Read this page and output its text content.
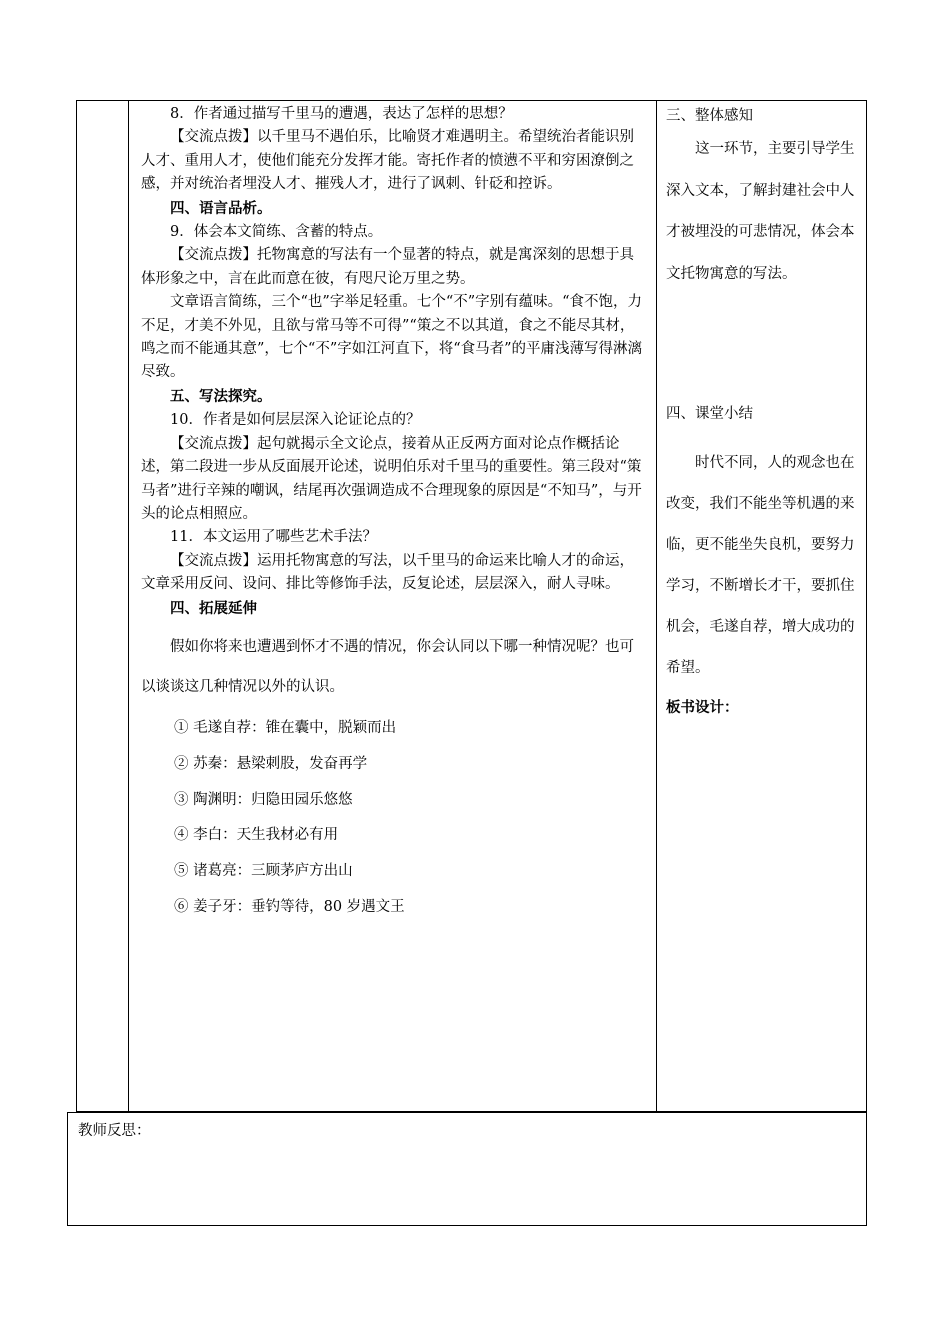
8．作者通过描写千里马的遭遇，表达了怎样的思想？

【交流点拨】以千里马不遇伯乐，比喻贤才难遇明主。希望统治者能识别人才、重用人才，使他们能充分发挥才能。寄托作者的愤懑不平和穷困潦倒之感，并对统治者埋没人才、摧残人才，进行了讽刺、针砭和控诉。

四、语言品析。

9．体会本文简练、含蓄的特点。

【交流点拨】托物寓意的写法有一个显著的特点，就是寓深刻的思想于具体形象之中，言在此而意在彼，有咫尺论万里之势。

文章语言简练，三个“也”字举足轻重。七个“不”字别有蕴味。“食不饱，力不足，才美不外见，且欲与常马等不可得”“策之不以其道，食之不能尽其材，鸣之而不能通其意”，七个“不”字如江河直下，将“食马者”的平庸浅薄写得淋漓尽致。

五、写法探究。

10．作者是如何层层深入论证论点的？

【交流点拨】起句就揭示全文论点，接着从正反两方面对论点作概括论述，第二段进一步从反面展开论述，说明伯乐对千里马的重要性。第三段对“策马者”进行辛辣的嘲讽，结尾再次强调造成不合理现象的原因是“不知马”，与开头的论点相照应。

11．本文运用了哪些艺术手法？

【交流点拨】运用托物寓意的写法，以千里马的命运来比喻人才的命运，文章采用反问、设问、排比等修饰手法，反复论述，层层深入，耐人寻味。

四、拓展延伸

假如你将来也遭遇到怀才不遇的情况，你会认同以下哪一种情况呢？也可以谈谈这几种情况以外的认识。

① 毛遂自荐：锥在囊中，脱颖而出

② 苏秦：悬梁刺股，发奋再学

③ 陶渊明：归隐田园乐悠悠

④ 李白：天生我材必有用

⑤ 诸葛亮：三顾茅庐方出山

⑥ 姜子牙：垂钓等待，80 岁遇文王

三、整体感知

这一环节，主要引导学生深入文本，了解封建社会中人才被埋没的可悲情况，体会本文托物寓意的写法。

四、课堂小结

时代不同，人的观念也在改变，我们不能坐等机遇的来临，更不能坐失良机，要努力学习，不断增长才干，要抓住机会，毛遂自荐，增大成功的希望。

板书设计：

教师反思：
